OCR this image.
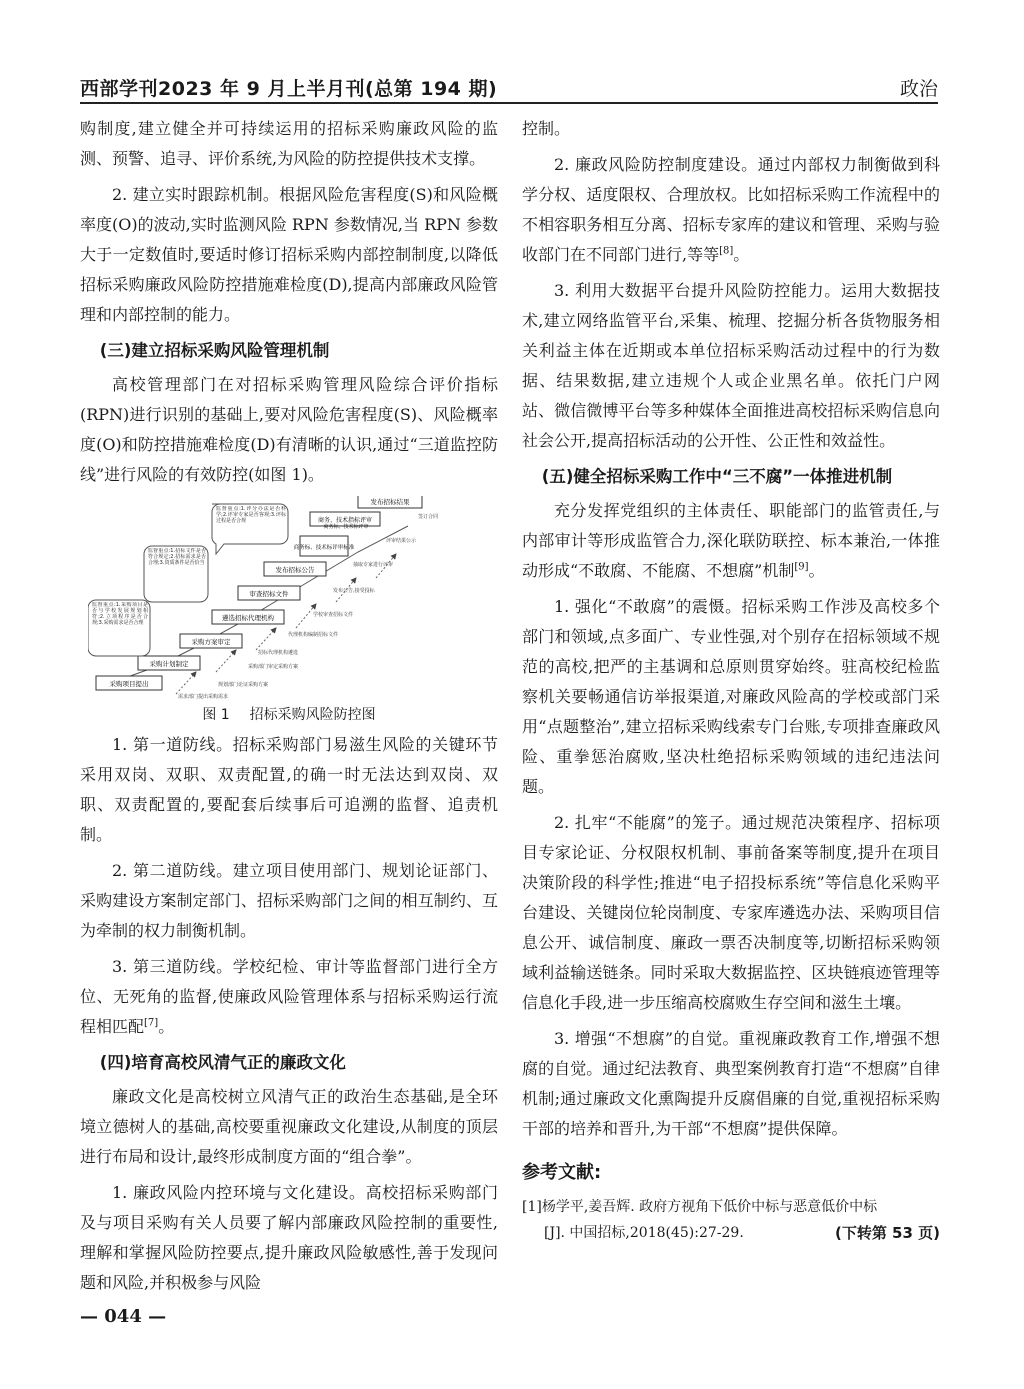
西部学刊2023 年 9 月上半月刊(总第 194 期)	政治

购制度,建立健全并可持续运用的招标采购廉政风险的监测、预警、追寻、评价系统,为风险的防控提供技术支撑。

2. 建立实时跟踪机制。根据风险危害程度(S)和风险概率度(O)的波动,实时监测风险 RPN 参数情况,当 RPN 参数大于一定数值时,要适时修订招标采购内部控制制度,以降低招标采购廉政风险防控措施难检度(D),提高内部廉政风险管理和内部控制的能力。

(三)建立招标采购风险管理机制

高校管理部门在对招标采购管理风险综合评价指标(RPN)进行识别的基础上,要对风险危害程度(S)、风险概率度(O)和防控措施难检度(D)有清晰的认识,通过“三道监控防线”进行风险的有效防控(如图 1)。

采购项目提出
采购计划制定
采购方案审定
遴选招标代理机构
审查招标文件
发布招标公告
商务、技术指标评审
发布招标结果
商务标、技术标评审标准
商务标、技术标评审
监督重点:1.评分办法是否科学;2.评审专家是否客观;3.评标过程是否合规
监督重点:1.招标文件是否符合规定;2.招标需求是否合理;3.资质条件是否恰当
监督重点:1.采购项目是否与学校发展规划相符;2.立项程序是否合规;3.采购需求是否合理
需求部门提出采购需求
规划部门论证采购方案
采购部门审定采购方案
招标代理机构遴选
代理机构编制招标文件
学校审查招标文件
发布公告,接受投标
抽取专家进行评审
评审结果公示
签订合同
图 1 招标采购风险防控图

1. 第一道防线。招标采购部门易滋生风险的关键环节采用双岗、双职、双责配置,的确一时无法达到双岗、双职、双责配置的,要配套后续事后可追溯的监督、追责机制。

2. 第二道防线。建立项目使用部门、规划论证部门、采购建设方案制定部门、招标采购部门之间的相互制约、互为牵制的权力制衡机制。

3. 第三道防线。学校纪检、审计等监督部门进行全方位、无死角的监督,使廉政风险管理体系与招标采购运行流程相匹配[7]。

(四)培育高校风清气正的廉政文化

廉政文化是高校树立风清气正的政治生态基础,是全环境立德树人的基础,高校要重视廉政文化建设,从制度的顶层进行布局和设计,最终形成制度方面的“组合拳”。

1. 廉政风险内控环境与文化建设。高校招标采购部门及与项目采购有关人员要了解内部廉政风险控制的重要性,理解和掌握风险防控要点,提升廉政风险敏感性,善于发现问题和风险,并积极参与风险

控制。

2. 廉政风险防控制度建设。通过内部权力制衡做到科学分权、适度限权、合理放权。比如招标采购工作流程中的不相容职务相互分离、招标专家库的建议和管理、采购与验收部门在不同部门进行,等等[8]。

3. 利用大数据平台提升风险防控能力。运用大数据技术,建立网络监管平台,采集、梳理、挖掘分析各货物服务相关利益主体在近期或本单位招标采购活动过程中的行为数据、结果数据,建立违规个人或企业黑名单。依托门户网站、微信微博平台等多种媒体全面推进高校招标采购信息向社会公开,提高招标活动的公开性、公正性和效益性。

(五)健全招标采购工作中“三不腐”一体推进机制

充分发挥党组织的主体责任、职能部门的监管责任,与内部审计等形成监管合力,深化联防联控、标本兼治,一体推动形成“不敢腐、不能腐、不想腐”机制[9]。

1. 强化“不敢腐”的震慑。招标采购工作涉及高校多个部门和领域,点多面广、专业性强,对个别存在招标领域不规范的高校,把严的主基调和总原则贯穿始终。驻高校纪检监察机关要畅通信访举报渠道,对廉政风险高的学校或部门采用“点题整治”,建立招标采购线索专门台账,专项排查廉政风险、重拳惩治腐败,坚决杜绝招标采购领域的违纪违法问题。

2. 扎牢“不能腐”的笼子。通过规范决策程序、招标项目专家论证、分权限权机制、事前备案等制度,提升在项目决策阶段的科学性;推进“电子招投标系统”等信息化采购平台建设、关键岗位轮岗制度、专家库遴选办法、采购项目信息公开、诚信制度、廉政一票否决制度等,切断招标采购领域利益输送链条。同时采取大数据监控、区块链痕迹管理等信息化手段,进一步压缩高校腐败生存空间和滋生土壤。

3. 增强“不想腐”的自觉。重视廉政教育工作,增强不想腐的自觉。通过纪法教育、典型案例教育打造“不想腐”自律机制;通过廉政文化熏陶提升反腐倡廉的自觉,重视招标采购干部的培养和晋升,为干部“不想腐”提供保障。

参考文献:
[1]杨学平,姜吾辉. 政府方视角下低价中标与恶意低价中标
[J]. 中国招标,2018(45):27-29.	(下转第 53 页)
— 044 —
